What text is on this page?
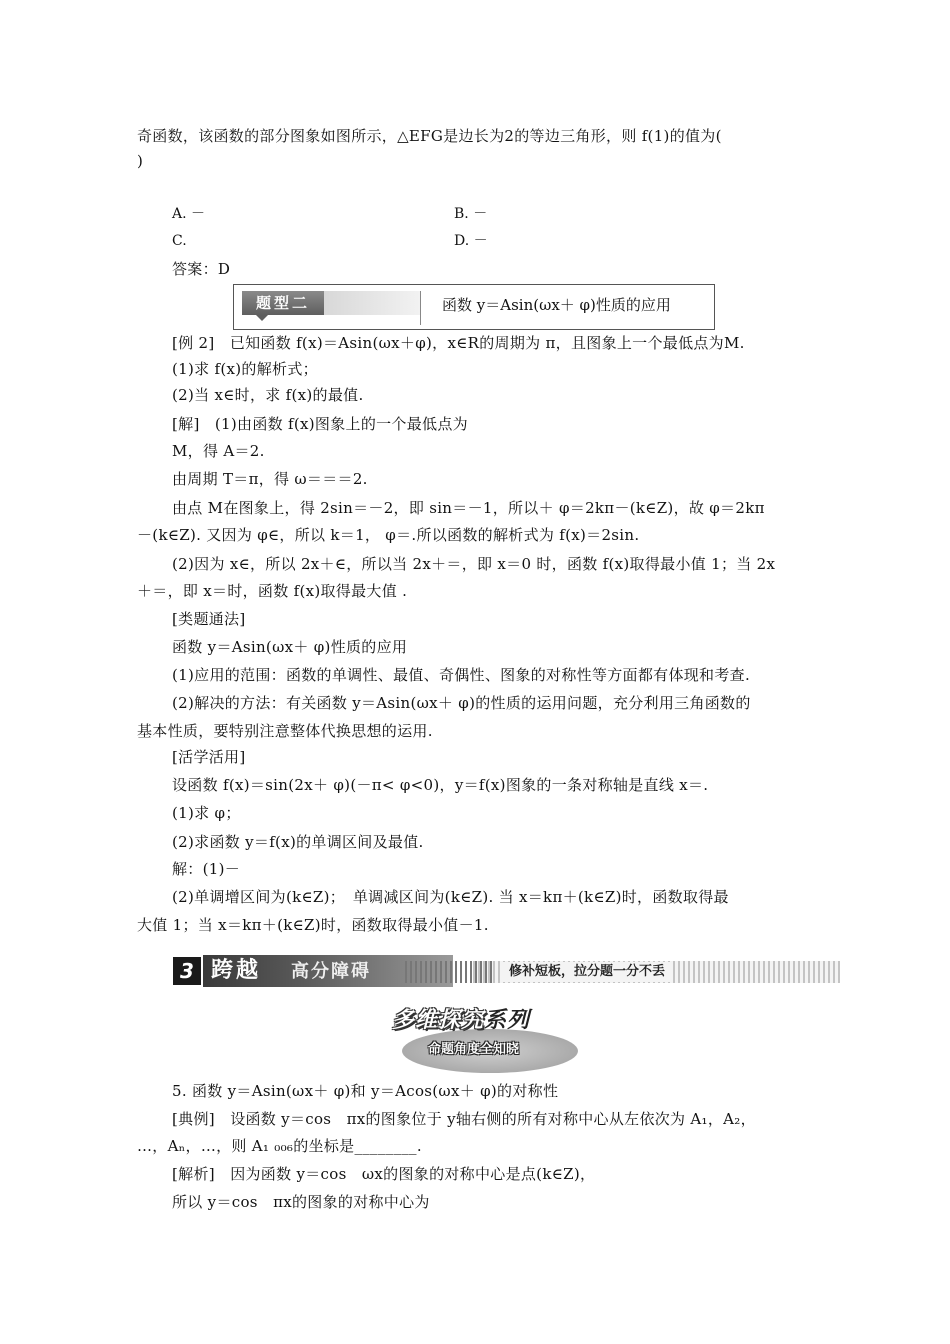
奇函数，该函数的部分图象如图所示，△EFG是边长为2的等边三角形，则 f(1)的值为(
)
A. －	B. －
C.	D. －
答案：D
题型二	函数 y＝Asin(ωx＋ φ)性质的应用
[例 2]　已知函数 f(x)＝Asin(ωx＋φ)，x∈R的周期为 π，且图象上一个最低点为M.
(1)求 f(x)的解析式；
(2)当 x∈时，求 f(x)的最值.
[解]　(1)由函数 f(x)图象上的一个最低点为
M，得 A＝2.
由周期 T＝π，得 ω＝＝＝2.
由点 M在图象上，得 2sin＝－2，即 sin＝－1，所以＋ φ＝2kπ－(k∈Z)，故 φ＝2kπ
－(k∈Z). 又因为 φ∈，所以 k＝1， φ＝.所以函数的解析式为 f(x)＝2sin.
(2)因为 x∈，所以 2x＋∈，所以当 2x＋＝，即 x＝0 时，函数 f(x)取得最小值 1；当 2x
＋＝，即 x＝时，函数 f(x)取得最大值 .
[类题通法]
函数 y＝Asin(ωx＋ φ)性质的应用
(1)应用的范围：函数的单调性、最值、奇偶性、图象的对称性等方面都有体现和考查.
(2)解决的方法：有关函数 y＝Asin(ωx＋ φ)的性质的运用问题，充分利用三角函数的
基本性质，要特别注意整体代换思想的运用.
[活学活用]
设函数 f(x)＝sin(2x＋ φ)(－π< φ<0)，y＝f(x)图象的一条对称轴是直线 x＝.
(1)求 φ；
(2)求函数 y＝f(x)的单调区间及最值.
解：(1)－
(2)单调增区间为(k∈Z)；　单调减区间为(k∈Z). 当 x＝kπ＋(k∈Z)时，函数取得最
大值 1；当 x＝kπ＋(k∈Z)时，函数取得最小值－1.
3 跨越 高分障碍	修补短板，拉分题一分不丢
多维探究系列
命题角度全知晓
5. 函数 y＝Asin(ωx＋ φ)和 y＝Acos(ωx＋ φ)的对称性
[典例]　设函数 y＝cos　πx的图象位于 y轴右侧的所有对称中心从左依次为 A₁，A₂，
…，Aₙ，…，则 A₁ ₀₀₆的坐标是________.
[解析]　因为函数 y＝cos　ωx的图象的对称中心是点(k∈Z)，
所以 y＝cos　πx的图象的对称中心为
